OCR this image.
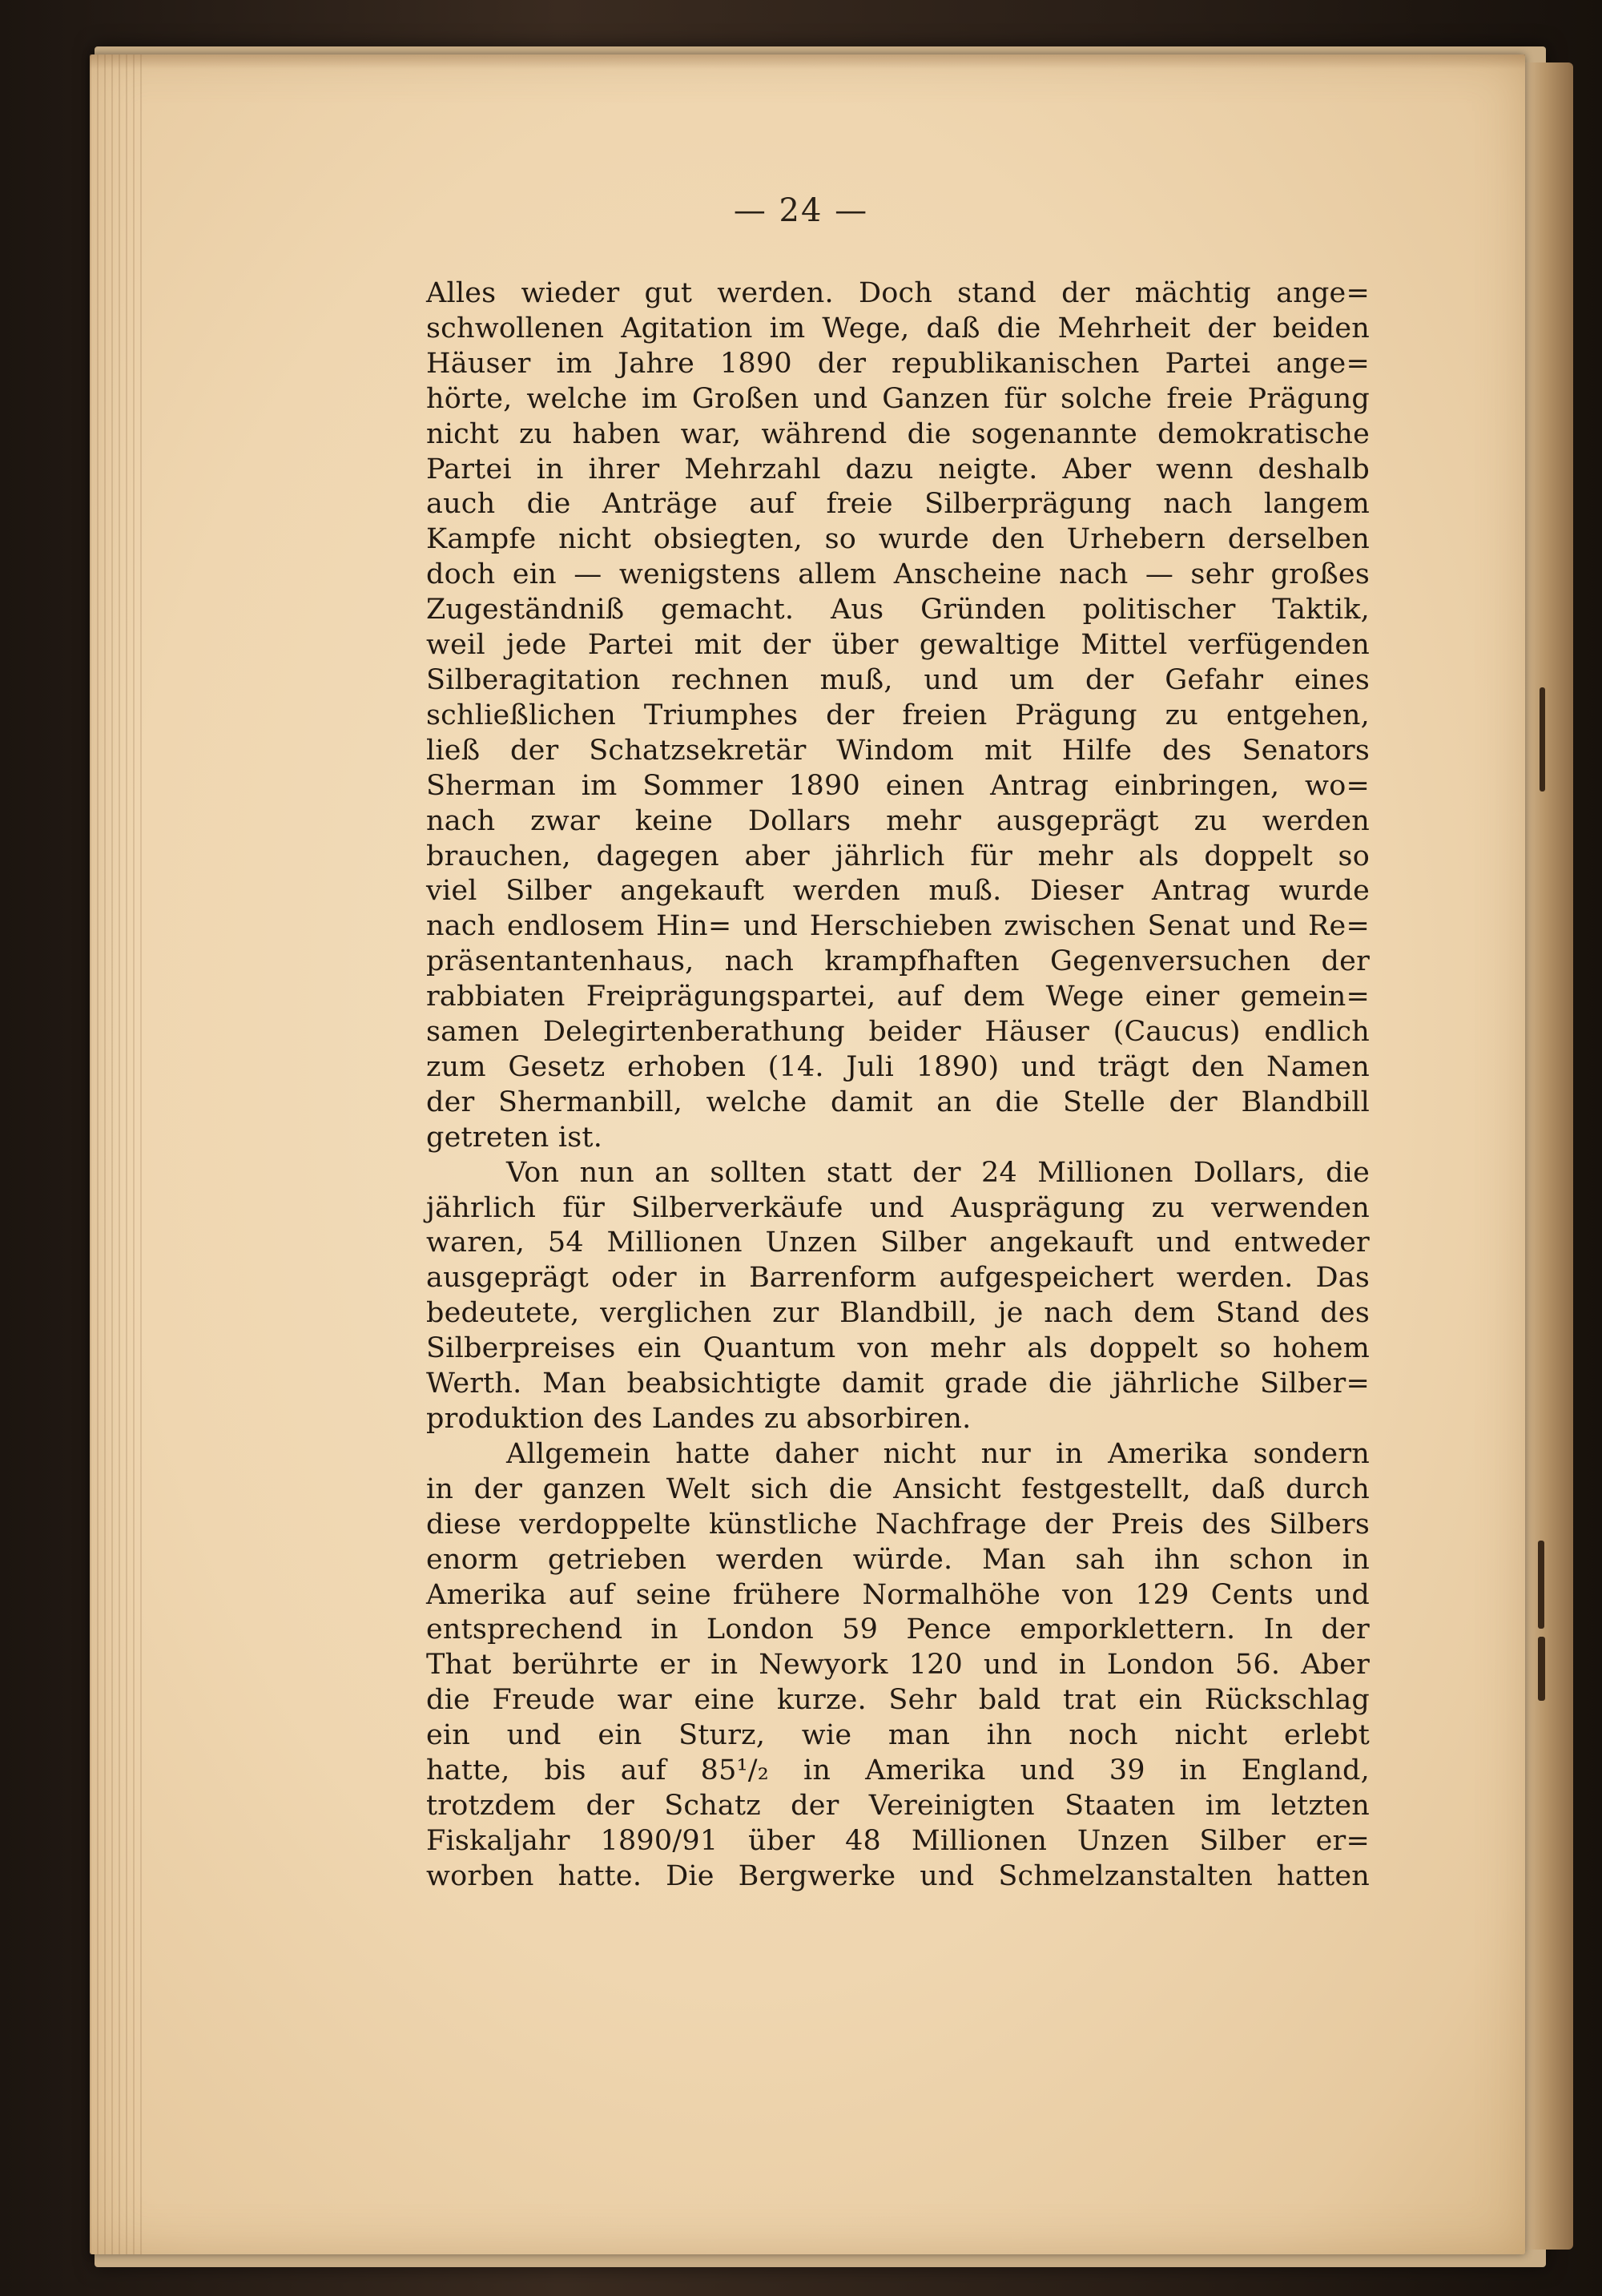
— 24 —
Alles wieder gut werden. Doch stand der mächtig ange=
schwollenen Agitation im Wege, daß die Mehrheit der beiden
Häuser im Jahre 1890 der republikanischen Partei ange=
hörte, welche im Großen und Ganzen für solche freie Prägung
nicht zu haben war, während die sogenannte demokratische
Partei in ihrer Mehrzahl dazu neigte. Aber wenn deshalb
auch die Anträge auf freie Silberprägung nach langem
Kampfe nicht obsiegten, so wurde den Urhebern derselben
doch ein — wenigstens allem Anscheine nach — sehr großes
Zugeständniß gemacht. Aus Gründen politischer Taktik,
weil jede Partei mit der über gewaltige Mittel verfügenden
Silberagitation rechnen muß, und um der Gefahr eines
schließlichen Triumphes der freien Prägung zu entgehen,
ließ der Schatzsekretär Windom mit Hilfe des Senators
Sherman im Sommer 1890 einen Antrag einbringen, wo=
nach zwar keine Dollars mehr ausgeprägt zu werden
brauchen, dagegen aber jährlich für mehr als doppelt so
viel Silber angekauft werden muß. Dieser Antrag wurde
nach endlosem Hin= und Herschieben zwischen Senat und Re=
präsentantenhaus, nach krampfhaften Gegenversuchen der
rabbiaten Freiprägungspartei, auf dem Wege einer gemein=
samen Delegirtenberathung beider Häuser (Caucus) endlich
zum Gesetz erhoben (14. Juli 1890) und trägt den Namen
der Shermanbill, welche damit an die Stelle der Blandbill
getreten ist.
Von nun an sollten statt der 24 Millionen Dollars, die
jährlich für Silberverkäufe und Ausprägung zu verwenden
waren, 54 Millionen Unzen Silber angekauft und entweder
ausgeprägt oder in Barrenform aufgespeichert werden. Das
bedeutete, verglichen zur Blandbill, je nach dem Stand des
Silberpreises ein Quantum von mehr als doppelt so hohem
Werth. Man beabsichtigte damit grade die jährliche Silber=
produktion des Landes zu absorbiren.
Allgemein hatte daher nicht nur in Amerika sondern
in der ganzen Welt sich die Ansicht festgestellt, daß durch
diese verdoppelte künstliche Nachfrage der Preis des Silbers
enorm getrieben werden würde. Man sah ihn schon in
Amerika auf seine frühere Normalhöhe von 129 Cents und
entsprechend in London 59 Pence emporklettern. In der
That berührte er in Newyork 120 und in London 56. Aber
die Freude war eine kurze. Sehr bald trat ein Rückschlag
ein und ein Sturz, wie man ihn noch nicht erlebt
hatte, bis auf 85¹/₂ in Amerika und 39 in England,
trotzdem der Schatz der Vereinigten Staaten im letzten
Fiskaljahr 1890/91 über 48 Millionen Unzen Silber er=
worben hatte. Die Bergwerke und Schmelzanstalten hatten
